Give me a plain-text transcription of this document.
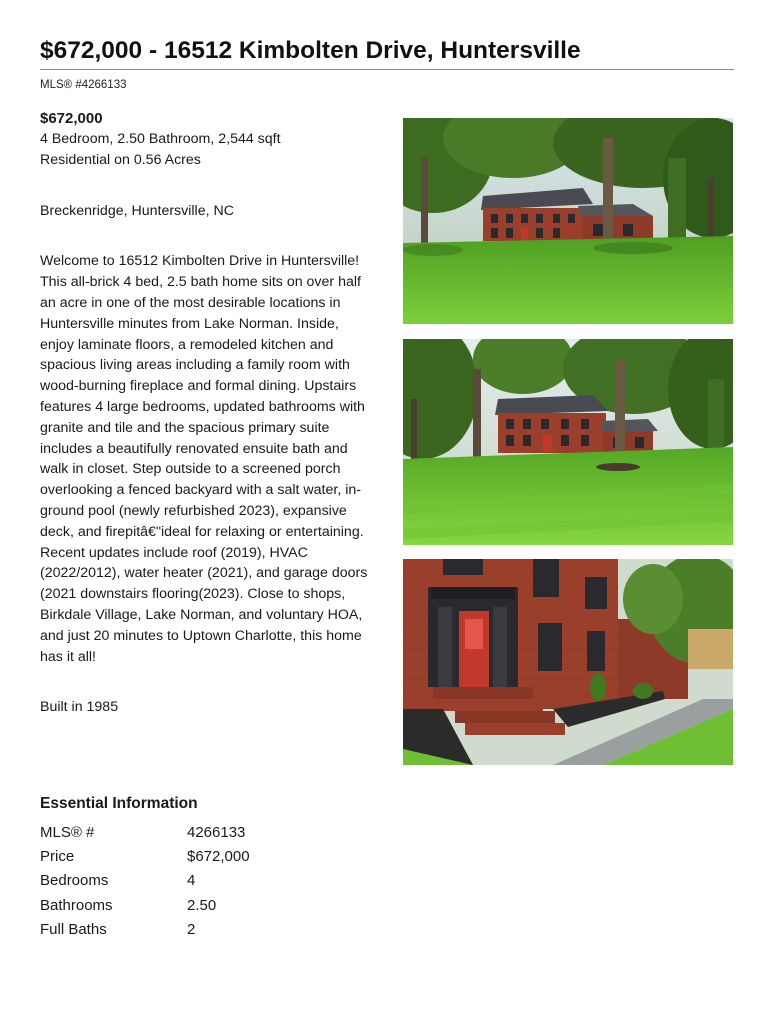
$672,000 - 16512 Kimbolten Drive, Huntersville
MLS® #4266133
$672,000
4 Bedroom, 2.50 Bathroom, 2,544 sqft
Residential on 0.56 Acres
Breckenridge, Huntersville, NC
Welcome to 16512 Kimbolten Drive in Huntersville! This all-brick 4 bed, 2.5 bath home sits on over half an acre in one of the most desirable locations in Huntersville minutes from Lake Norman. Inside, enjoy laminate floors, a remodeled kitchen and spacious living areas including a family room with wood-burning fireplace and formal dining. Upstairs features 4 large bedrooms, updated bathrooms with granite and tile and the spacious primary suite includes a beautifully renovated ensuite bath and walk in closet. Step outside to a screened porch overlooking a fenced backyard with a salt water, in-ground pool (newly refurbished 2023), expansive deck, and firepitâ€"ideal for relaxing or entertaining. Recent updates include roof (2019), HVAC (2022/2012), water heater (2021), and garage doors (2021 downstairs flooring(2023). Close to shops, Birkdale Village, Lake Norman, and voluntary HOA, and just 20 minutes to Uptown Charlotte, this home has it all!
Built in 1985
Essential Information
MLS® #	4266133
Price	$672,000
Bedrooms	4
Bathrooms	2.50
Full Baths	2
